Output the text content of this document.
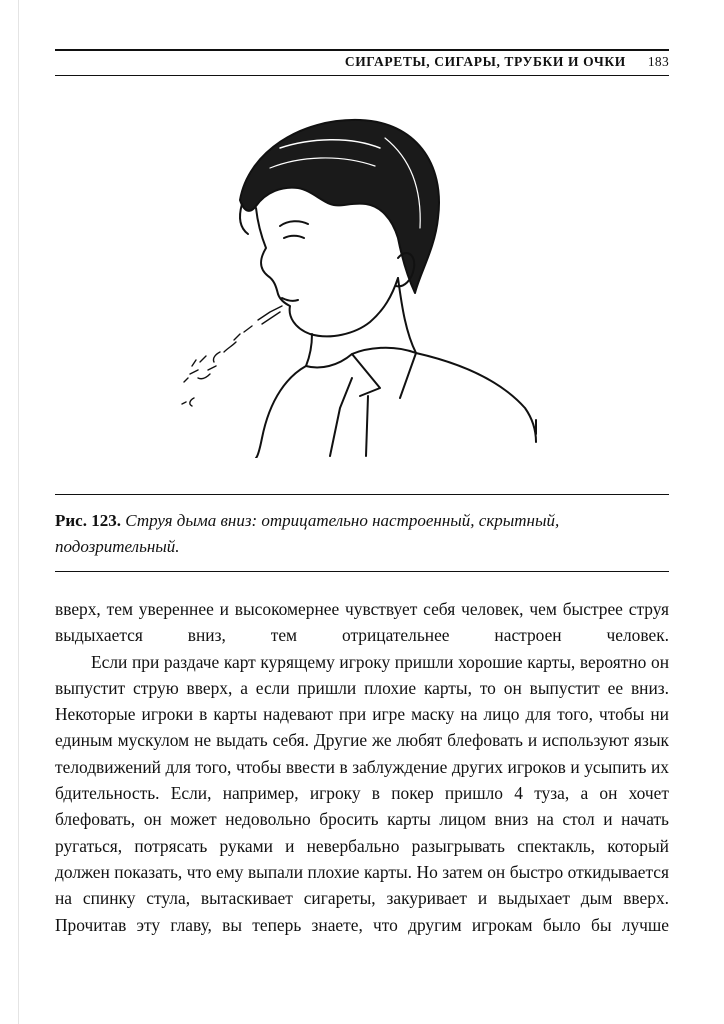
СИГАРЕТЫ, СИГАРЫ, ТРУБКИ И ОЧКИ 183
Рис. 123. Струя дыма вниз: отрицательно настроенный, скрытный, подозрительный.

вверх, тем увереннее и высокомернее чувствует себя человек, чем быстрее струя выдыхается вниз, тем отрицательнее настроен человек.

Если при раздаче карт курящему игроку пришли хорошие карты, вероятно он выпустит струю вверх, а если пришли плохие карты, то он выпустит ее вниз. Некоторые игроки в карты надевают при игре маску на лицо для того, чтобы ни единым мускулом не выдать себя. Другие же любят блефовать и используют язык телодвижений для того, чтобы ввести в заблуждение других игроков и усыпить их бдительность. Если, например, игроку в покер пришло 4 туза, а он хочет блефовать, он может недовольно бросить карты лицом вниз на стол и начать ругаться, потрясать руками и невербально разыгрывать спектакль, который должен показать, что ему выпали плохие карты. Но затем он быстро откидывается на спинку стула, вытаскивает сигареты, закуривает и выдыхает дым вверх. Прочитав эту главу, вы теперь знаете, что другим игрокам было бы лучше
